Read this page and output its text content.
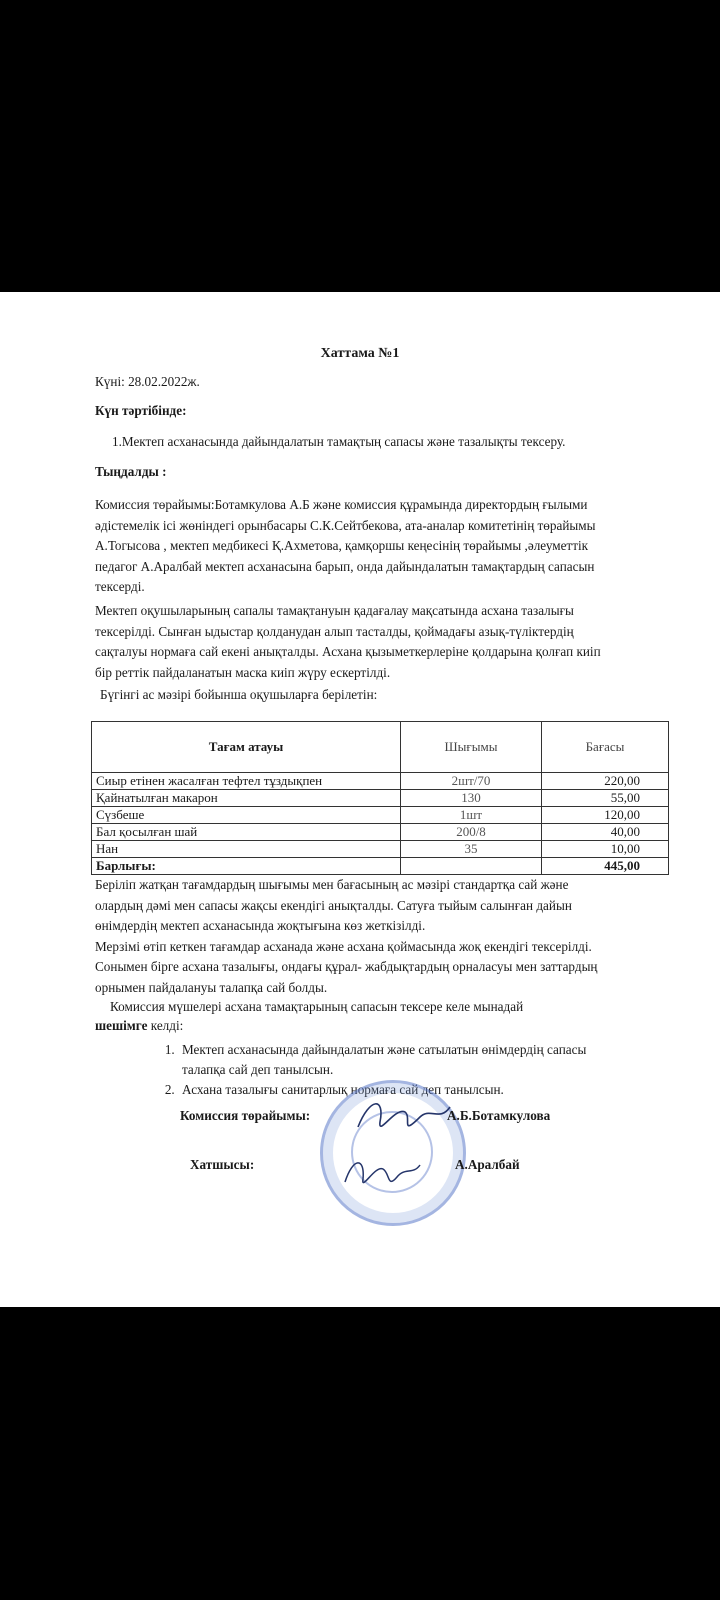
Хаттама №1
Күні: 28.02.2022ж.
Күн тәртібінде:
1.Мектеп асханасында дайындалатын тамақтың сапасы және тазалықты тексеру.
Тыңдалды :
Комиссия төрайымы:Ботамкулова А.Б және комиссия құрамында директордың ғылыми
әдістемелік ісі жөніндегі орынбасары С.К.Сейтбекова, ата-аналар комитетінің төрайымы
А.Тогысова , мектеп медбикесі Қ.Ахметова, қамқоршы кеңесінің төрайымы ,әлеуметтік
педагог А.Аралбай мектеп асханасына барып, онда дайындалатын тамақтардың сапасын
тексерді.
Мектеп оқушыларының сапалы тамақтануын қадағалау мақсатында асхана тазалығы
тексерілді. Сынған ыдыстар қолданудан алып тасталды, қоймадағы азық-түліктердің
сақталуы нормаға сай екені анықталды. Асхана қызыметкерлеріне қолдарына қолғап киіп
бір реттік пайдаланатын маска киіп жүру ескертілді.
Бүгінгі ас мәзірі бойынша оқушыларға берілетін:
Тағам атауы	Шығымы	Бағасы
Сиыр етінен жасалған тефтел тұздықпен	2шт/70	220,00
Қайнатылған макарон	130	55,00
Сүзбеше	1шт	120,00
Бал қосылған шай	200/8	40,00
Нан	35	10,00
Барлығы:		445,00
Берiлiп жатқан тағамдардың шығымы мен бағасының ас мәзiрi стандартқа сай және
олардың дәмі мен сапасы жақсы екендігі анықталды. Сатуға тыйым салынған дайын
өнімдердің мектеп асханасында жоқтығына көз жеткізілді.
Мерзімі өтіп кеткен тағамдар асханада және асхана қоймасында жоқ екендігі тексерілді.
Сонымен бірге асхана тазалығы, ондағы құрал- жабдықтардың орналасуы мен заттардың
орнымен пайдалануы талапқа сай болды.
Комиссия мүшелері асхана тамақтарының сапасын тексере келе мынадай
шешімге келді:
1. Мектеп асханасында дайындалатын және сатылатын өнімдердің сапасы талапқа сай деп танылсын.
2. Асхана тазалығы санитарлық нормаға сай деп танылсын.
Комиссия төрайымы:	А.Б.Ботамкулова
Хатшысы:	А.Аралбай
